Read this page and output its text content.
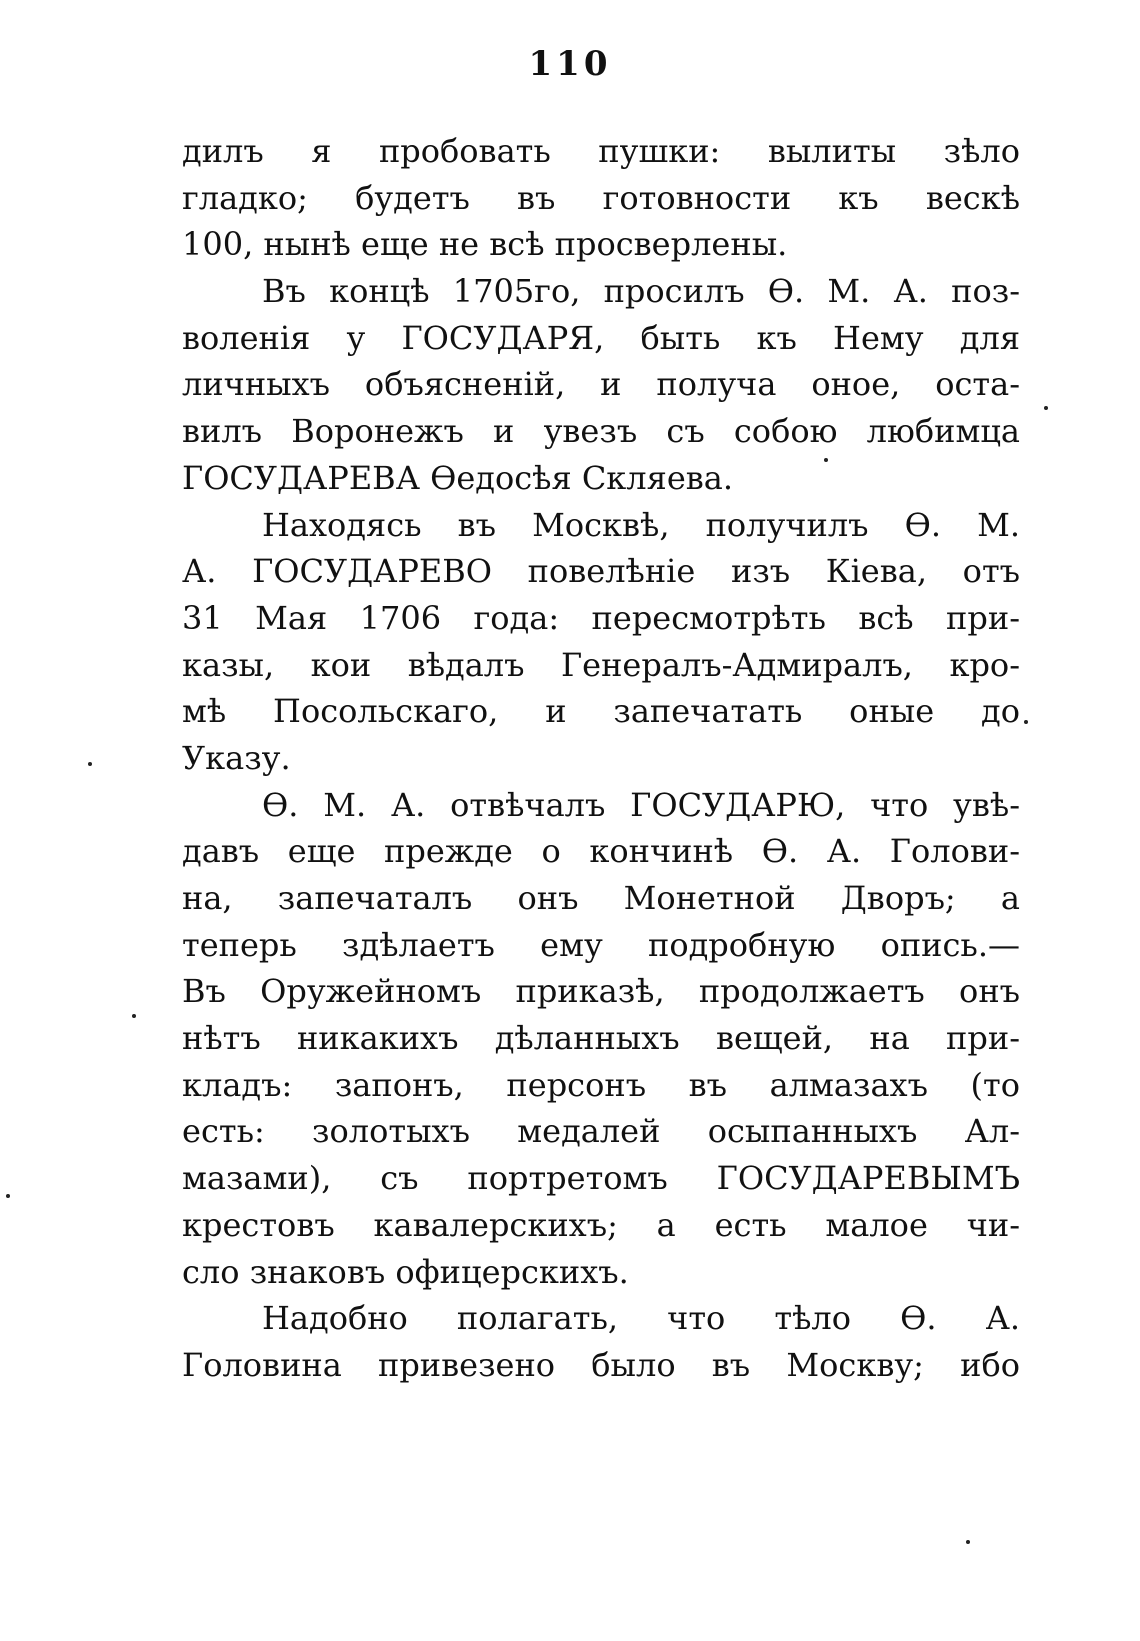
110
дилъ я пробовать пушки: вылиты зѣло
гладко; будетъ въ готовности къ вескѣ
100, нынѣ еще не всѣ просверлены.
Въ концѣ 1705го, просилъ Ѳ. М. А. поз-
воленія у ГОСУДАРЯ, быть къ Нему для
личныхъ объясненій, и получа оное, оста-
вилъ Воронежъ и увезъ съ собою любимца
ГОСУДАРЕВА Ѳедосѣя Скляева.
Находясь въ Москвѣ, получилъ Ѳ. М.
А. ГОСУДАРЕВО повелѣніе изъ Кіева, отъ
31 Мая 1706 года: пересмотрѣть всѣ при-
казы, кои вѣдалъ Генералъ-Адмиралъ, кро-
мѣ Посольскаго, и запечатать оные до
Указу.
Ѳ. М. А. отвѣчалъ ГОСУДАРЮ, что увѣ-
давъ еще прежде о кончинѣ Ѳ. А. Голови-
на, запечаталъ онъ Монетной Дворъ; а
теперь здѣлаетъ ему подробную опись.—
Въ Оружейномъ приказѣ, продолжаетъ онъ
нѣтъ никакихъ дѣланныхъ вещей, на при-
кладъ: запонъ, персонъ въ алмазахъ (то
есть: золотыхъ медалей осыпанныхъ Ал-
мазами), съ портретомъ ГОСУДАРЕВЫМЪ
крестовъ кавалерскихъ; а есть малое чи-
сло знаковъ офицерскихъ.
Надобно полагать, что тѣло Ѳ. А.
Головина привезено было въ Москву; ибо
